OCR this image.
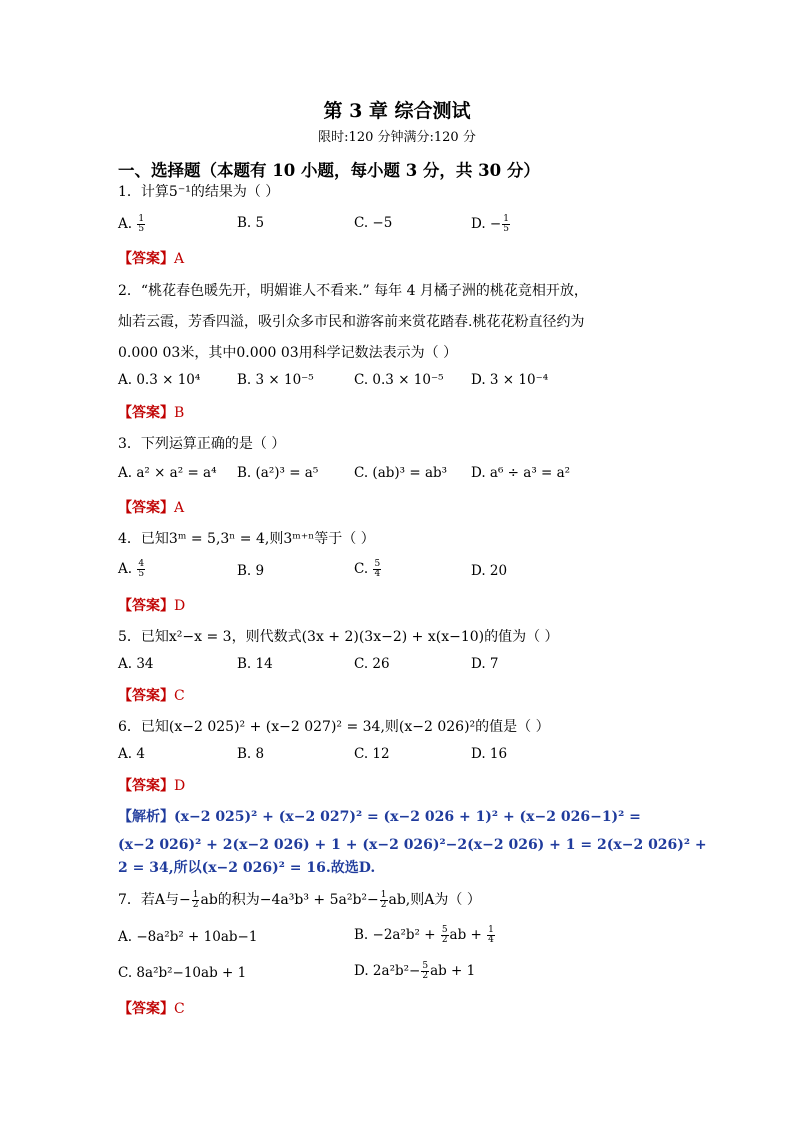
第 3 章 综合测试
限时:120 分钟满分:120 分
一、选择题（本题有 10 小题，每小题 3 分，共 30 分）
1．计算5⁻¹的结果为（ ）
A. $\frac{1}{5}$	B. 5	C. −5	D. − $\frac{1}{5}$
【答案】A
2．“桃花春色暖先开，明媚谁人不看来.” 每年 4 月橘子洲的桃花竞相开放，
灿若云霞，芳香四溢，吸引众多市民和游客前来赏花踏春.桃花花粉直径约为
0.000 03米，其中0.000 03用科学记数法表示为（ ）
A. 0.3 × 10⁴	B. 3 × 10⁻⁵	C. 0.3 × 10⁻⁵ D. 3 × 10⁻⁴
【答案】B
3．下列运算正确的是（ ）
A. a² × a² = a⁴ B. (a²)³ = a⁵	C. (ab)³ = ab³ D. a⁶ ÷ a³ = a²
【答案】A
4．已知3ᵐ = 5,3ⁿ = 4,则3ᵐ⁺ⁿ等于（ ）
A. $\frac{4}{5}$	B. 9	C. $\frac{5}{4}$	D. 20
【答案】D
5．已知x²−x = 3，则代数式(3x + 2)(3x−2) + x(x−10)的值为（ ）
A. 34	B. 14	C. 26	D. 7
【答案】C
6．已知(x−2 025)² + (x−2 027)² = 34,则(x−2 026)²的值是（ ）
A. 4	B. 8	C. 12	D. 16
【答案】D
【解析】(x−2 025)² + (x−2 027)² = (x−2 026 + 1)² + (x−2 026−1)² =
(x−2 026)² + 2(x−2 026) + 1 + (x−2 026)²−2(x−2 026) + 1 = 2(x−2 026)² +
2 = 34,所以(x−2 026)² = 16.故选D.
7．若A与− $\frac{1}{2}$ ab的积为$-4a^3b^3 + 5a^2b^2- \frac{1}{2}$ ab,则A为（ ）
A. −8a²b² + 10ab−1	B. $-2a^2b^2 + \frac{5}{2}$ ab + $\frac{1}{4}$
C. 8a²b²−10ab + 1	D. $2a^2b^2- \frac{5}{2}$ ab + 1
【答案】C
